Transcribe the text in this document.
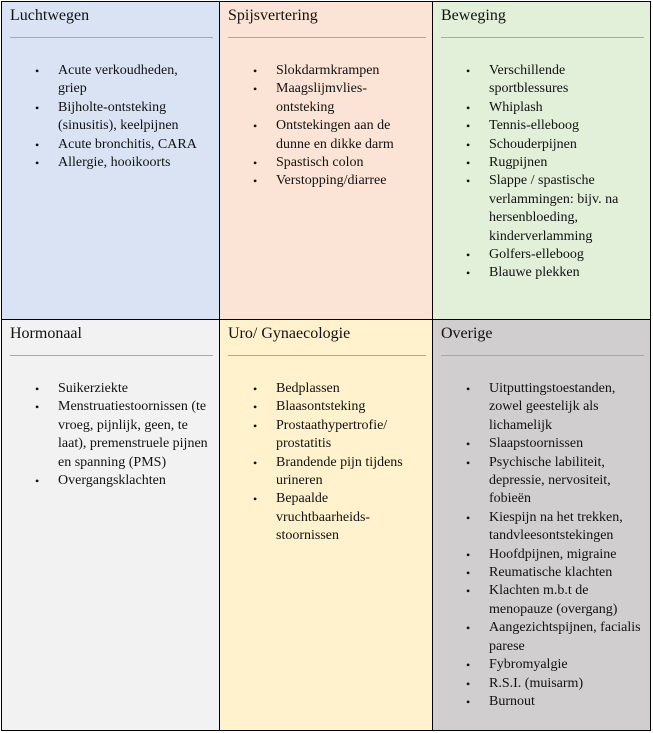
Luchtwegen
• Acute verkoudheden, griep
• Bijholte-ontsteking (sinusitis), keelpijnen
• Acute bronchitis, CARA
• Allergie, hooikoorts
Spijsvertering
• Slokdarmkrampen
• Maagslijmvlies-ontsteking
• Ontstekingen aan de dunne en dikke darm
• Spastisch colon
• Verstopping/diarree
Beweging
• Verschillende sportblessures
• Whiplash
• Tennis-elleboog
• Schouderpijnen
• Rugpijnen
• Slappe / spastische verlammingen: bijv. na hersenbloeding, kinderverlamming
• Golfers-elleboog
• Blauwe plekken
Hormonaal
• Suikerziekte
• Menstruatiestoornissen (te vroeg, pijnlijk, geen, te laat), premenstruele pijnen en spanning (PMS)
• Overgangsklachten
Uro/ Gynaecologie
• Bedplassen
• Blaasontsteking
• Prostaathypertrofie/ prostatitis
• Brandende pijn tijdens urineren
• Bepaalde vruchtbaarheids-stoornissen
Overige
• Uitputtingstoestanden, zowel geestelijk als lichamelijk
• Slaapstoornissen
• Psychische labiliteit, depressie, nervositeit, fobieën
• Kiespijn na het trekken, tandvleesontstekingen
• Hoofdpijnen, migraine
• Reumatische klachten
• Klachten m.b.t de menopauze (overgang)
• Aangezichtspijnen, facialis parese
• Fybromyalgie
• R.S.I. (muisarm)
• Burnout
